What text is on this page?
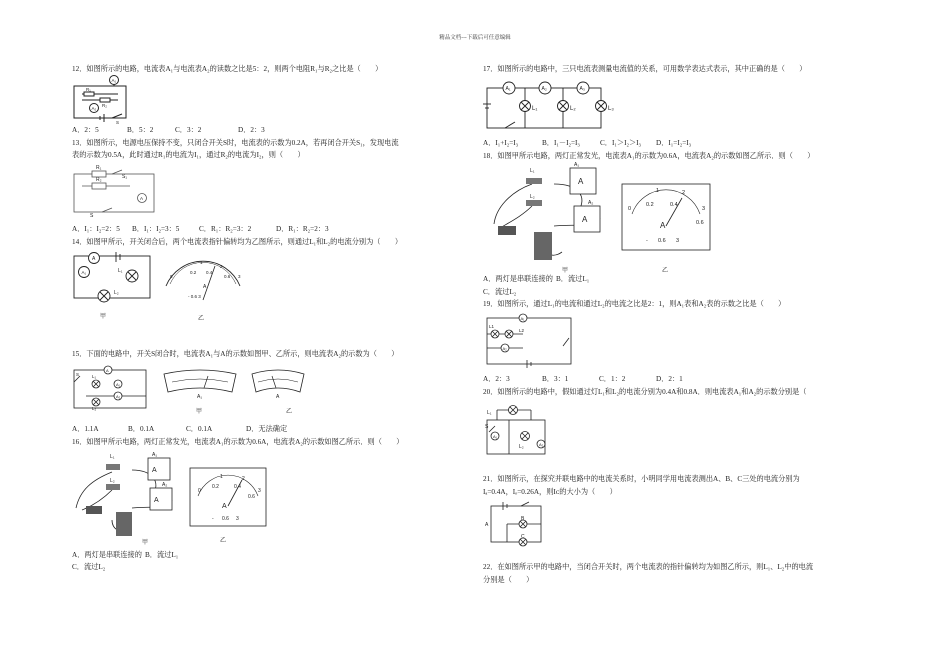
精品文档---下载后可任意编辑
12．如图所示的电路，电流表A₁与电流表A₂的读数之比是5：2，则两个电阻R₁与R₂之比是（　　）
A₁
A₂
R₁
R₂
S
A．2：5	B．5：2	C．3：2	D．2：3
13．如图所示，电源电压保持不变，只闭合开关S时，电流表的示数为0.2A，若再闭合开关S₁，发现电流
表的示数为0.5A，此时通过R₁的电流为I₁，通过R₂的电流为I₂，则（　　）
R₁
R₂	S₁
S
A
A．I₁：I₂=2：5 B．I₁：I₂=3：5	C．R₁：R₂=3：2	D．R₁：R₂=2：3
14．如图甲所示，开关闭合后，两个电流表指针偏转均为乙图所示，则通过L₁和L₂的电流分别为（　　）
A
A₁	L₁
L₂
甲
0
0.2
1
0.4
2
0.6 3
A
- 0.6 3
乙
15．下面的电路中，开关S闭合时，电流表A₁与A的示数如图甲、乙所示，则电流表A₂的示数为（　　）
S	L₁
L₂
A
A₁
A₂	A₁
甲
A
乙
A．1.1A	B．0.1A	C．0.1A	D．无法确定
16．如图甲所示电路，两灯正常发光，电流表A₁的示数为0.6A，电流表A₂的示数如图乙所示．则（　　）
L₁
L₂
A₁
A₂
A
A
甲
0
0.2
1
0.4
2
0.6
3
A
- 0.6 3
乙
A．两灯是串联连接的 B．流过L₁
C．流过L₂
17．如图所示的电路中，三只电流表测量电流值的关系，可用数学表达式表示，其中正确的是（　　）
A₁	A₂	A₃
L₁	L₂	L₃
A．I₁+I₂=I₃	B．I₁－I₂=I₃	C．I₁＞I₂＞I₃ D．I₁=I₂=I₃
18．如图甲所示电路，两灯正常发光，电流表A₁的示数为0.6A，电流表A₂的示数如图乙所示．则（　　）
L₁
L₂
A₁
A₂
A
A
甲
0
0.2
1
0.4
2
0.6
3
A
- 0.6 3
乙
A．两灯是串联连接的 B．流过L₁
C．流过L₂
19．如图所示，通过L₁的电流和通过L₂的电流之比是2：1，则A₁表和A₂表的示数之比是（　　）
L1
L2
A₁
A₂
A．2：3	B．3：1	C．1：2	D．2：1
20．如图所示的电路中，假如通过灯L₁和L₂的电流分别为0.4A和0.8A．则电流表A₁和A₂的示数分别是（
L₁
L₂
S
A₁
A₂
21．如图所示，在探究并联电路中的电流关系时，小明同学用电流表测出A、B、C三处的电流分别为
Iₐ=0.4A，Iₒ=0.26A，则Iᴄ的大小为（　　）
A
B
C
22．在如图所示甲的电路中，当闭合开关时，两个电流表的指针偏转均为如图乙所示，则L₁、L₂中的电流
分别是（　　）
